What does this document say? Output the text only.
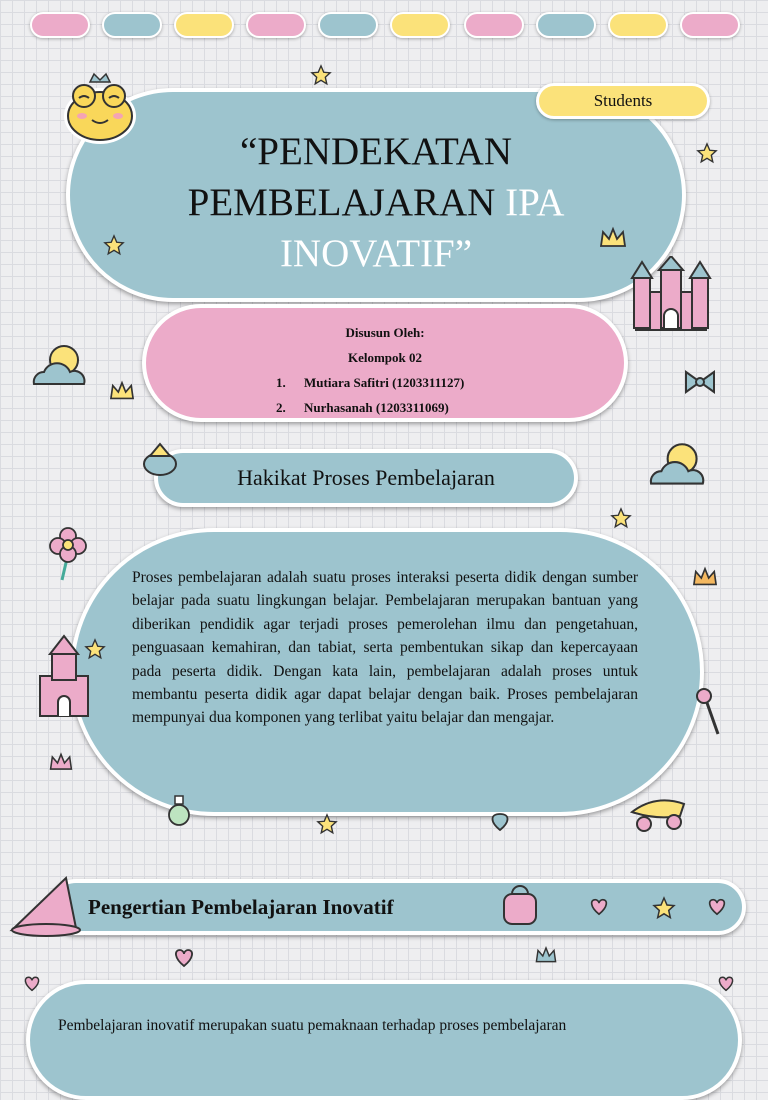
“PENDEKATAN
PEMBELAJARAN IPA
INOVATIF”
Students
Disusun Oleh:
Kelompok 02
1. Mutiara Safitri (1203311127)
2. Nurhasanah (1203311069)
Hakikat Proses Pembelajaran
Proses pembelajaran adalah suatu proses interaksi peserta didik dengan sumber belajar pada suatu lingkungan belajar. Pembelajaran merupakan bantuan yang diberikan pendidik agar terjadi proses pemerolehan ilmu dan pengetahuan, penguasaan kemahiran, dan tabiat, serta pembentukan sikap dan kepercayaan pada peserta didik. Dengan kata lain, pembelajaran adalah proses untuk membantu peserta didik agar dapat belajar dengan baik. Proses pembelajaran mempunyai dua komponen yang terlibat yaitu belajar dan mengajar.
Pengertian Pembelajaran Inovatif
Pembelajaran inovatif merupakan suatu pemaknaan terhadap proses pembelajaran
